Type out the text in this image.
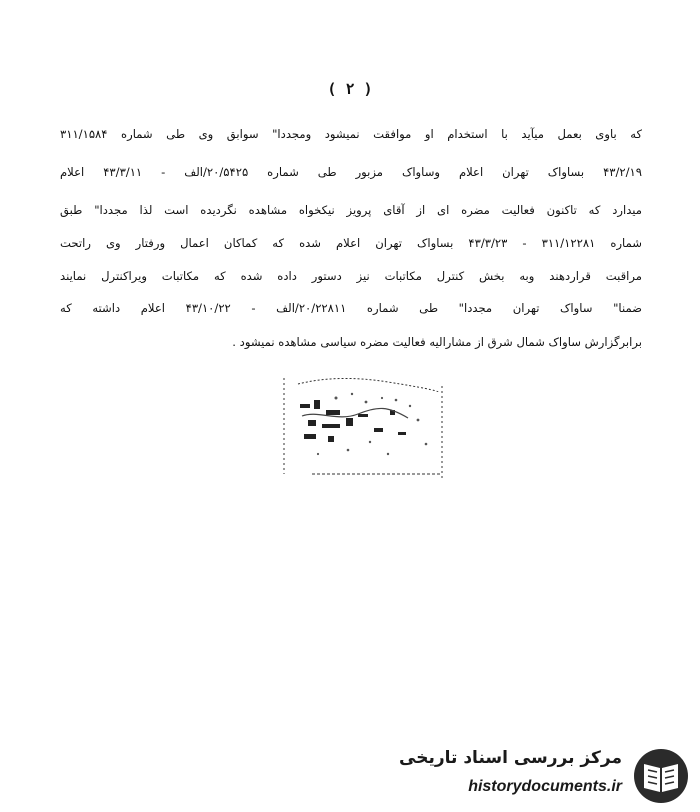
( ۲ )
که باوی بعمل میآید با استخدام او موافقت نمیشود ومجددا" سوابق وی طی شماره ۳۱۱/۱۵۸۴
۴۳/۲/۱۹ بساواک تهران اعلام وساواک مزبور طی شماره ۲۰/۵۴۲۵/الف - ۴۳/۳/۱۱ اعلام
میدارد که تاکنون فعالیت مضره ای از آقای پرویز نیکخواه مشاهده نگردیده است لذا مجددا" طبق
شماره ۳۱۱/۱۲۲۸۱ - ۴۳/۳/۲۳ بساواک تهران اعلام شده که کماکان اعمال ورفتار وی راتحت
مراقبت قراردهند وبه بخش کنترل مکاتبات نیز دستور داده شده که مکاتبات ویراکنترل نمایند
ضمنا" ساواک تهران مجددا" طی شماره ۲۰/۲۲۸۱۱/الف - ۴۳/۱۰/۲۲ اعلام داشته که
برابرگزارش ساواک شمال شرق از مشارالیه فعالیت مضره سیاسی مشاهده نمیشود .
مرکز بررسی اسناد تاریخی
historydocuments.ir
